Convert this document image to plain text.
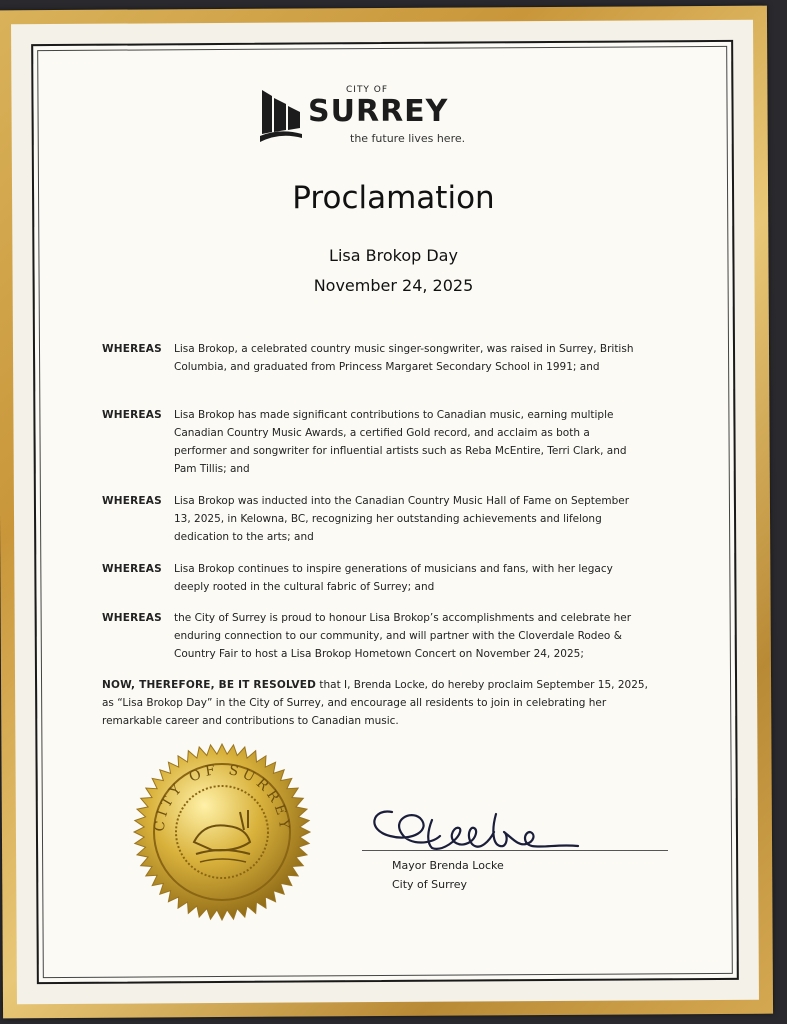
CITY OF
SURREY
the future lives here.
Proclamation
Lisa Brokop Day
November 24, 2025
WHEREAS Lisa Brokop, a celebrated country music singer-songwriter, was raised in Surrey, British Columbia, and graduated from Princess Margaret Secondary School in 1991; and
WHEREAS Lisa Brokop has made significant contributions to Canadian music, earning multiple Canadian Country Music Awards, a certified Gold record, and acclaim as both a performer and songwriter for influential artists such as Reba McEntire, Terri Clark, and Pam Tillis; and
WHEREAS Lisa Brokop was inducted into the Canadian Country Music Hall of Fame on September 13, 2025, in Kelowna, BC, recognizing her outstanding achievements and lifelong dedication to the arts; and
WHEREAS Lisa Brokop continues to inspire generations of musicians and fans, with her legacy deeply rooted in the cultural fabric of Surrey; and
WHEREAS the City of Surrey is proud to honour Lisa Brokop’s accomplishments and celebrate her enduring connection to our community, and will partner with the Cloverdale Rodeo & Country Fair to host a Lisa Brokop Hometown Concert on November 24, 2025;
NOW, THEREFORE, BE IT RESOLVED that I, Brenda Locke, do hereby proclaim September 15, 2025, as “Lisa Brokop Day” in the City of Surrey, and encourage all residents to join in celebrating her remarkable career and contributions to Canadian music.
CITY OF SURREY
Mayor Brenda Locke
City of Surrey
